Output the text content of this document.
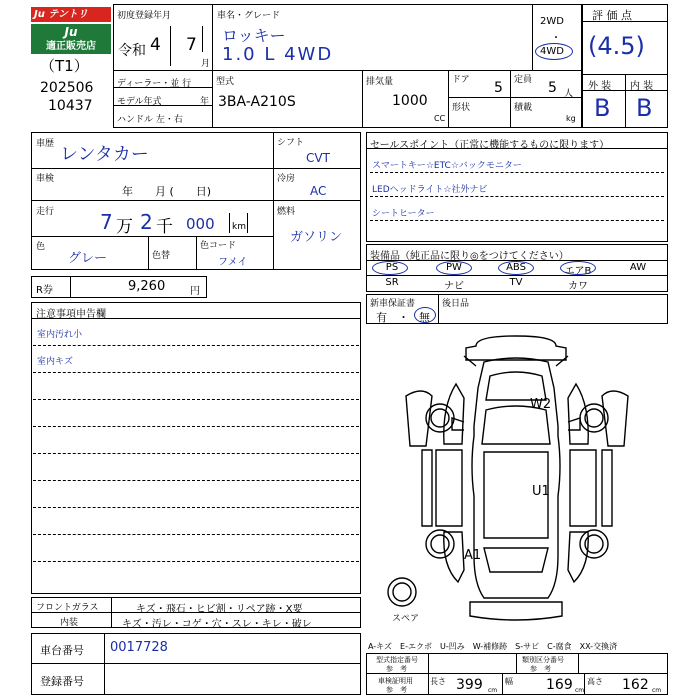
Ju テントリ
Ju
適正販売店
（T1）
202506
10437
初度登録年月
令和 4 7
月
ディーラー・並 行
モデル年式	年
ハンドル 左・右
車名・グレード
ロッキー
1.0 L 4WD
2WD
・
4WD
型式
3BA-A210S
排気量
1000
CC
ドア 5 定員 5 人
形状	積載
kg
評 価 点
(4.5)
外 装 内 装
B B
車歴 レンタカー
車検
年　　月 (　　日)
走行 7 万 2 千 000 km
色
グレー	色替
色コード
フメイ
シフト
CVT
冷房
AC
燃料
ガソリン
R券	9,260 円
セールスポイント（正常に機能するものに限ります）
スマートキー☆ETC☆バックモニター
LEDヘッドライト☆社外ナビ
シートヒーター
装備品（純正品に限り◎をつけてください）
PS	PW	ABS	エアB	AW
SR	ナビ	TV	カワ
新車保証書
有 ・ 無
後日品
注意事項申告欄
室内汚れ小
室内キズ
フロントガラス	キズ・飛石・ヒビ割・リペア跡・X要
内装	キズ・汚レ・コゲ・穴・スレ・キレ・破レ
W2
U1
A1
スペア
A-キズ　E-エクボ　U-凹み　W-補修跡　S-サビ　C-腐食　XX-交換済
車台番号 0017728
登録番号
型式指定番号
参　考
類別区分番号
参　考
車検証明用
参　考
長さ 399 cm
幅 169 cm
高さ 162 cm
